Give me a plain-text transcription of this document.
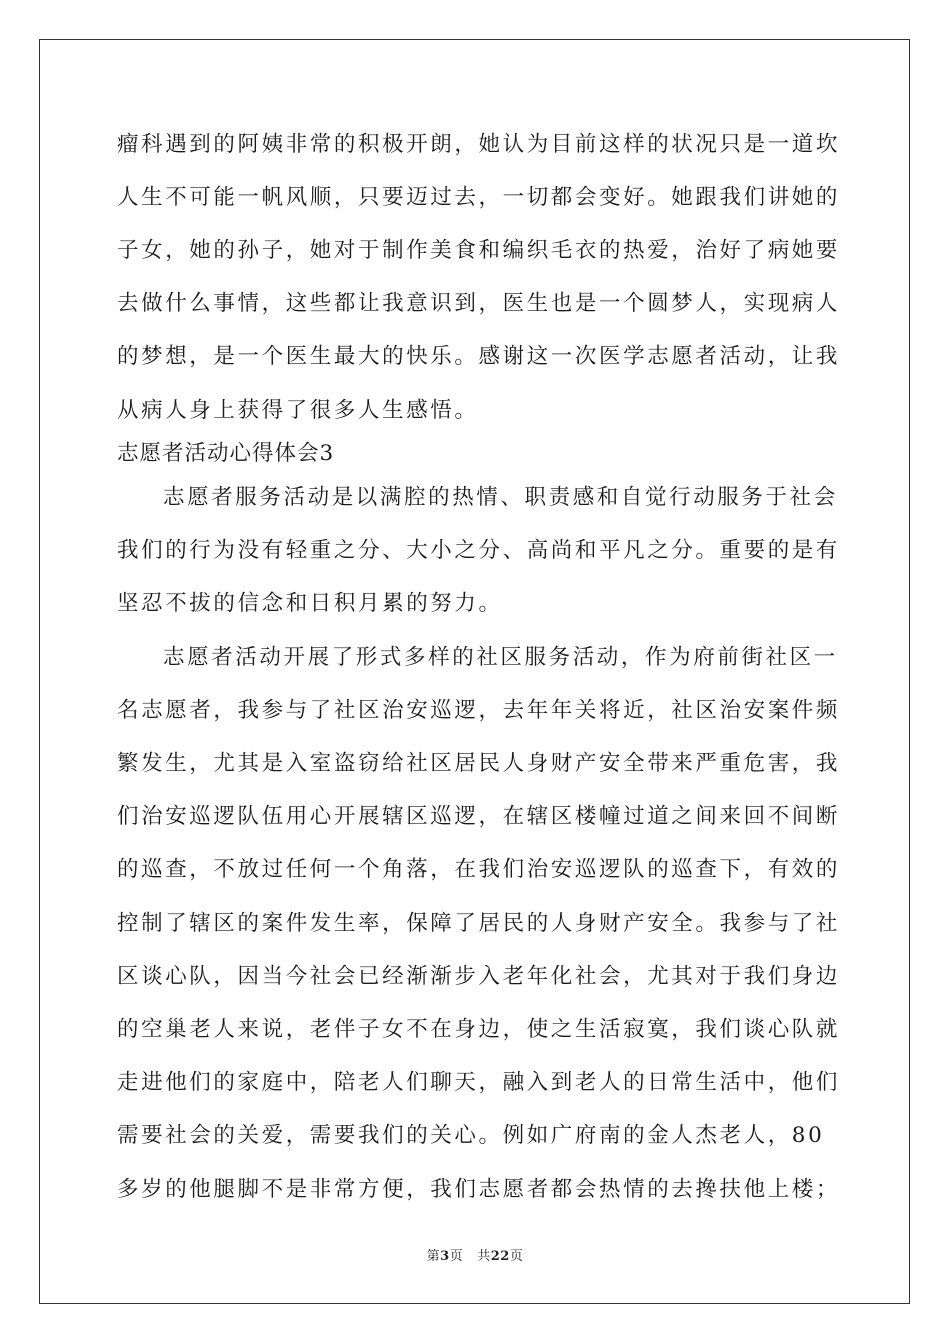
瘤科遇到的阿姨非常的积极开朗，她认为目前这样的状况只是一道坎
人生不可能一帆风顺，只要迈过去，一切都会变好。她跟我们讲她的
子女，她的孙子，她对于制作美食和编织毛衣的热爱，治好了病她要
去做什么事情，这些都让我意识到，医生也是一个圆梦人，实现病人
的梦想，是一个医生最大的快乐。感谢这一次医学志愿者活动，让我
从病人身上获得了很多人生感悟。
志愿者活动心得体会3
志愿者服务活动是以满腔的热情、职责感和自觉行动服务于社会
我们的行为没有轻重之分、大小之分、高尚和平凡之分。重要的是有
坚忍不拔的信念和日积月累的努力。
志愿者活动开展了形式多样的社区服务活动，作为府前街社区一
名志愿者，我参与了社区治安巡逻，去年年关将近，社区治安案件频
繁发生，尤其是入室盗窃给社区居民人身财产安全带来严重危害，我
们治安巡逻队伍用心开展辖区巡逻，在辖区楼幢过道之间来回不间断
的巡查，不放过任何一个角落，在我们治安巡逻队的巡查下，有效的
控制了辖区的案件发生率，保障了居民的人身财产安全。我参与了社
区谈心队，因当今社会已经渐渐步入老年化社会，尤其对于我们身边
的空巢老人来说，老伴子女不在身边，使之生活寂寞，我们谈心队就
走进他们的家庭中，陪老人们聊天，融入到老人的日常生活中，他们
需要社会的关爱，需要我们的关心。例如广府南的金人杰老人，80
多岁的他腿脚不是非常方便，我们志愿者都会热情的去搀扶他上楼；
第3页 共22页
